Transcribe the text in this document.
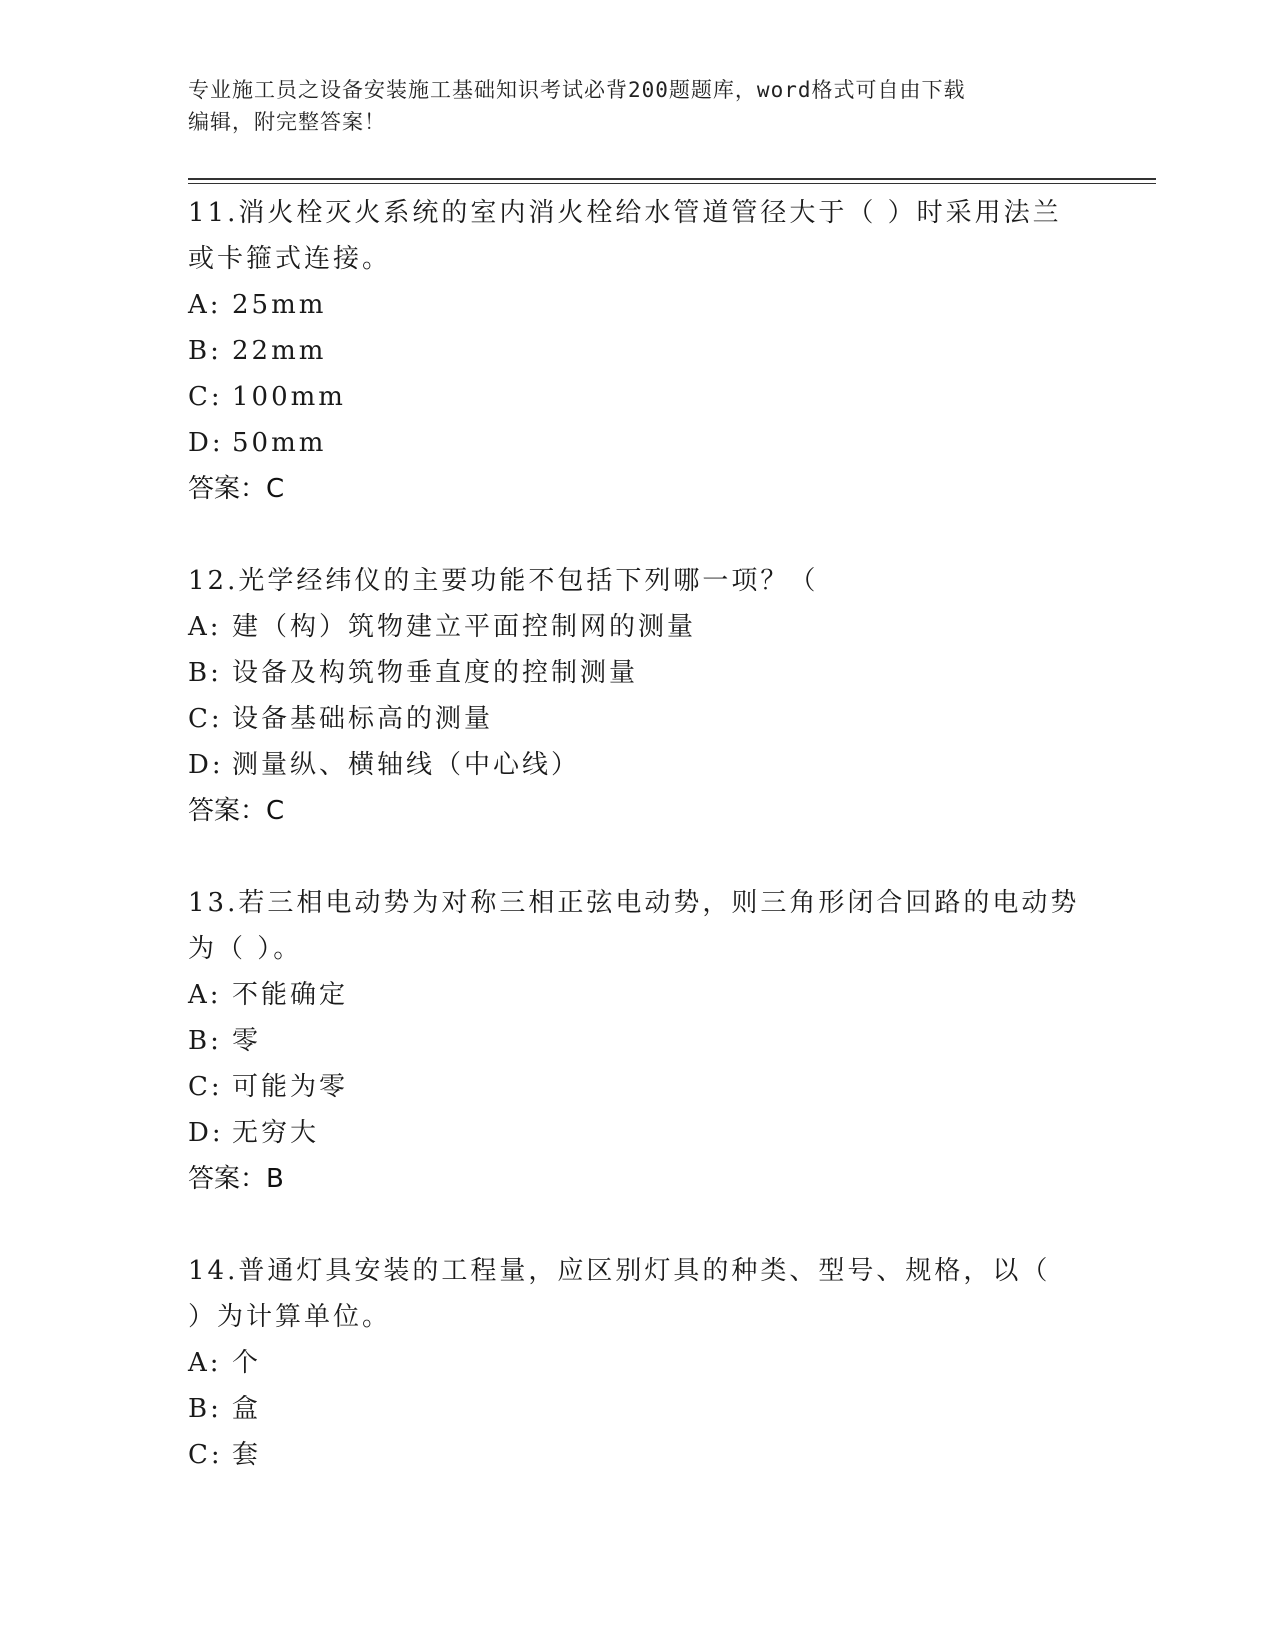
专业施工员之设备安装施工基础知识考试必背200题题库，word格式可自由下载
编辑，附完整答案！
11.消火栓灭火系统的室内消火栓给水管道管径大于（ ）时采用法兰
或卡箍式连接。
A: 25mm
B: 22mm
C: 100mm
D: 50mm
答案：C
12.光学经纬仪的主要功能不包括下列哪一项？（
A: 建（构）筑物建立平面控制网的测量
B: 设备及构筑物垂直度的控制测量
C: 设备基础标高的测量
D: 测量纵、横轴线（中心线）
答案：C
13.若三相电动势为对称三相正弦电动势，则三角形闭合回路的电动势
为（ ）。
A: 不能确定
B: 零
C: 可能为零
D: 无穷大
答案：B
14.普通灯具安装的工程量，应区别灯具的种类、型号、规格，以（
）为计算单位。
A: 个
B: 盒
C: 套
